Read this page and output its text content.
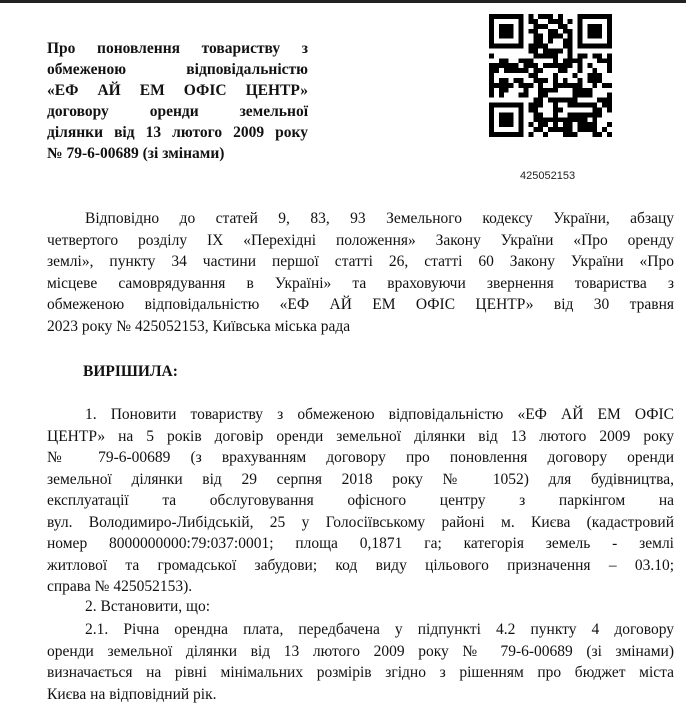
Про поновлення товариству з
обмеженою відповідальністю
«ЕФ АЙ ЕМ ОФІС ЦЕНТР»
договору оренди земельної
ділянки від 13 лютого 2009 року
№ 79-6-00689 (зі змінами)
425052153
Відповідно до статей 9, 83, 93 Земельного кодексу України, абзацу
четвертого розділу IX «Перехідні положення» Закону України «Про оренду
землі», пункту 34 частини першої статті 26, статті 60 Закону України «Про
місцеве самоврядування в Україні» та враховуючи звернення товариства з
обмеженою відповідальністю «ЕФ АЙ ЕМ ОФІС ЦЕНТР» від 30 травня
2023 року № 425052153, Київська міська рада
ВИРІШИЛА:
1. Поновити товариству з обмеженою відповідальністю «ЕФ АЙ ЕМ ОФІС
ЦЕНТР» на 5 років договір оренди земельної ділянки від 13 лютого 2009 року
№ 79-6-00689 (з врахуванням договору про поновлення договору оренди
земельної ділянки від 29 серпня 2018 року № 1052) для будівництва,
експлуатації та обслуговування офісного центру з паркінгом на
вул. Володимиро-Либідській, 25 у Голосіївському районі м. Києва (кадастровий
номер 8000000000:79:037:0001; площа 0,1871 га; категорія земель - землі
житлової та громадської забудови; код виду цільового призначення – 03.10;
справа № 425052153).
2. Встановити, що:
2.1. Річна орендна плата, передбачена у підпункті 4.2 пункту 4 договору
оренди земельної ділянки від 13 лютого 2009 року № 79-6-00689 (зі змінами)
визначається на рівні мінімальних розмірів згідно з рішенням про бюджет міста
Києва на відповідний рік.
